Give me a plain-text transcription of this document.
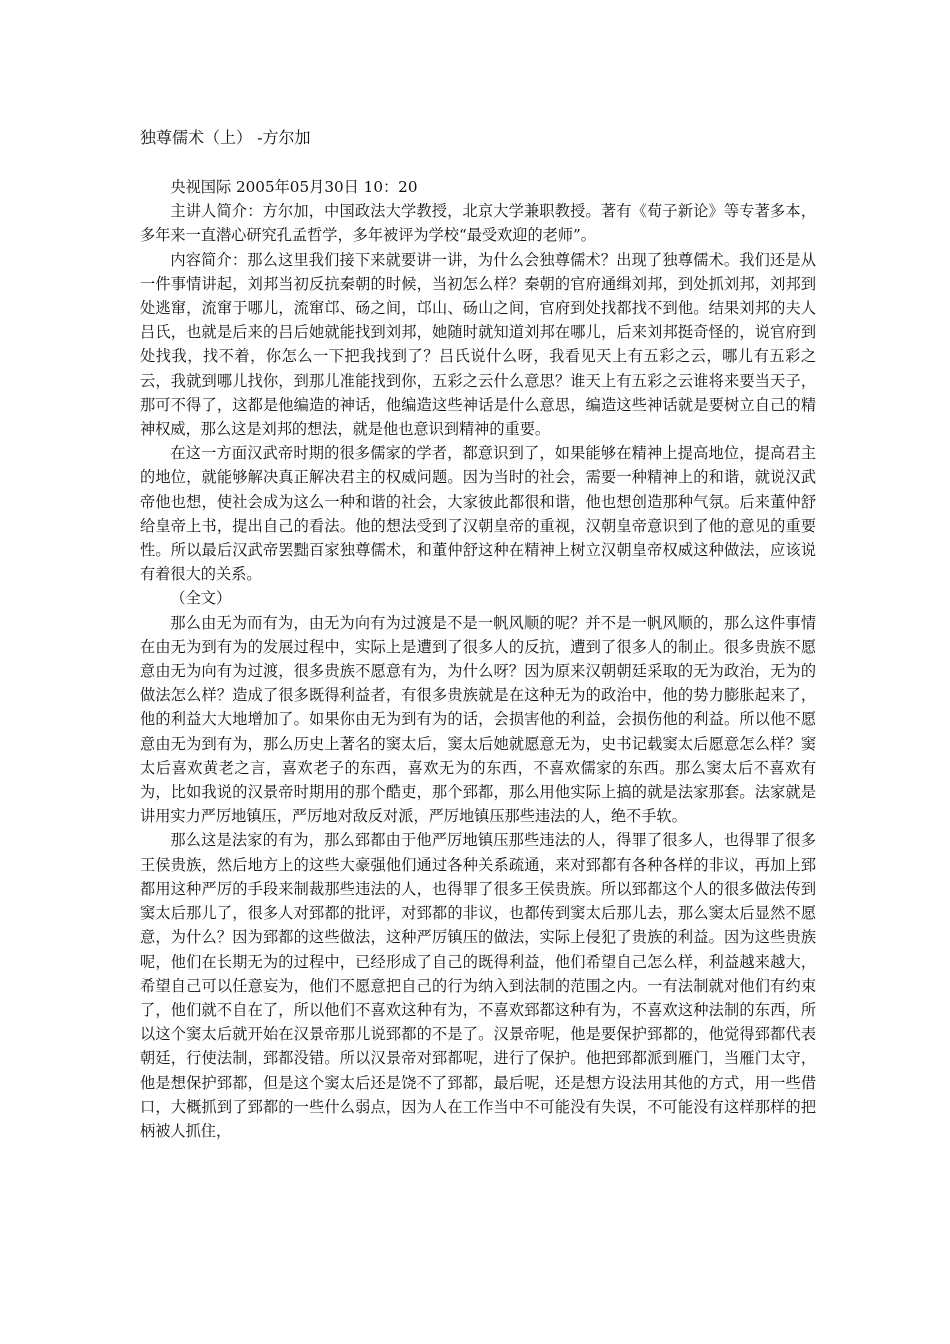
独尊儒术（上） -方尔加

央视国际 2005年05月30日 10：20

主讲人简介：方尔加，中国政法大学教授，北京大学兼职教授。著有《荀子新论》等专著多本，多年来一直潜心研究孔孟哲学，多年被评为学校“最受欢迎的老师”。

内容简介：那么这里我们接下来就要讲一讲，为什么会独尊儒术？出现了独尊儒术。我们还是从一件事情讲起，刘邦当初反抗秦朝的时候，当初怎么样？秦朝的官府通缉刘邦，到处抓刘邦，刘邦到处逃窜，流窜于哪儿，流窜邙、砀之间，邙山、砀山之间，官府到处找都找不到他。结果刘邦的夫人吕氏，也就是后来的吕后她就能找到刘邦，她随时就知道刘邦在哪儿，后来刘邦挺奇怪的，说官府到处找我，找不着，你怎么一下把我找到了？吕氏说什么呀，我看见天上有五彩之云，哪儿有五彩之云，我就到哪儿找你，到那儿准能找到你，五彩之云什么意思？谁天上有五彩之云谁将来要当天子，那可不得了，这都是他编造的神话，他编造这些神话是什么意思，编造这些神话就是要树立自己的精神权威，那么这是刘邦的想法，就是他也意识到精神的重要。

在这一方面汉武帝时期的很多儒家的学者，都意识到了，如果能够在精神上提高地位，提高君主的地位，就能够解决真正解决君主的权威问题。因为当时的社会，需要一种精神上的和谐，就说汉武帝他也想，使社会成为这么一种和谐的社会，大家彼此都很和谐，他也想创造那种气氛。后来董仲舒给皇帝上书，提出自己的看法。他的想法受到了汉朝皇帝的重视，汉朝皇帝意识到了他的意见的重要性。所以最后汉武帝罢黜百家独尊儒术，和董仲舒这种在精神上树立汉朝皇帝权威这种做法，应该说有着很大的关系。

（全文）

那么由无为而有为，由无为向有为过渡是不是一帆风顺的呢？并不是一帆风顺的，那么这件事情在由无为到有为的发展过程中，实际上是遭到了很多人的反抗，遭到了很多人的制止。很多贵族不愿意由无为向有为过渡，很多贵族不愿意有为，为什么呀？因为原来汉朝朝廷采取的无为政治，无为的做法怎么样？造成了很多既得利益者，有很多贵族就是在这种无为的政治中，他的势力膨胀起来了，他的利益大大地增加了。如果你由无为到有为的话，会损害他的利益，会损伤他的利益。所以他不愿意由无为到有为，那么历史上著名的窦太后，窦太后她就愿意无为，史书记载窦太后愿意怎么样？窦太后喜欢黄老之言，喜欢老子的东西，喜欢无为的东西，不喜欢儒家的东西。那么窦太后不喜欢有为，比如我说的汉景帝时期用的那个酷吏，那个郅都，那么用他实际上搞的就是法家那套。法家就是讲用实力严厉地镇压，严厉地对敌反对派，严厉地镇压那些违法的人，绝不手软。

那么这是法家的有为，那么郅都由于他严厉地镇压那些违法的人，得罪了很多人，也得罪了很多王侯贵族，然后地方上的这些大豪强他们通过各种关系疏通，来对郅都有各种各样的非议，再加上郅都用这种严厉的手段来制裁那些违法的人，也得罪了很多王侯贵族。所以郅都这个人的很多做法传到窦太后那儿了，很多人对郅都的批评，对郅都的非议，也都传到窦太后那儿去，那么窦太后显然不愿意，为什么？因为郅都的这些做法，这种严厉镇压的做法，实际上侵犯了贵族的利益。因为这些贵族呢，他们在长期无为的过程中，已经形成了自己的既得利益，他们希望自己怎么样，利益越来越大，希望自己可以任意妄为，他们不愿意把自己的行为纳入到法制的范围之内。一有法制就对他们有约束了，他们就不自在了，所以他们不喜欢这种有为，不喜欢郅都这种有为，不喜欢这种法制的东西，所以这个窦太后就开始在汉景帝那儿说郅都的不是了。汉景帝呢，他是要保护郅都的，他觉得郅都代表朝廷，行使法制，郅都没错。所以汉景帝对郅都呢，进行了保护。他把郅都派到雁门，当雁门太守，他是想保护郅都，但是这个窦太后还是饶不了郅都，最后呢，还是想方设法用其他的方式，用一些借口，大概抓到了郅都的一些什么弱点，因为人在工作当中不可能没有失误，不可能没有这样那样的把柄被人抓住，
